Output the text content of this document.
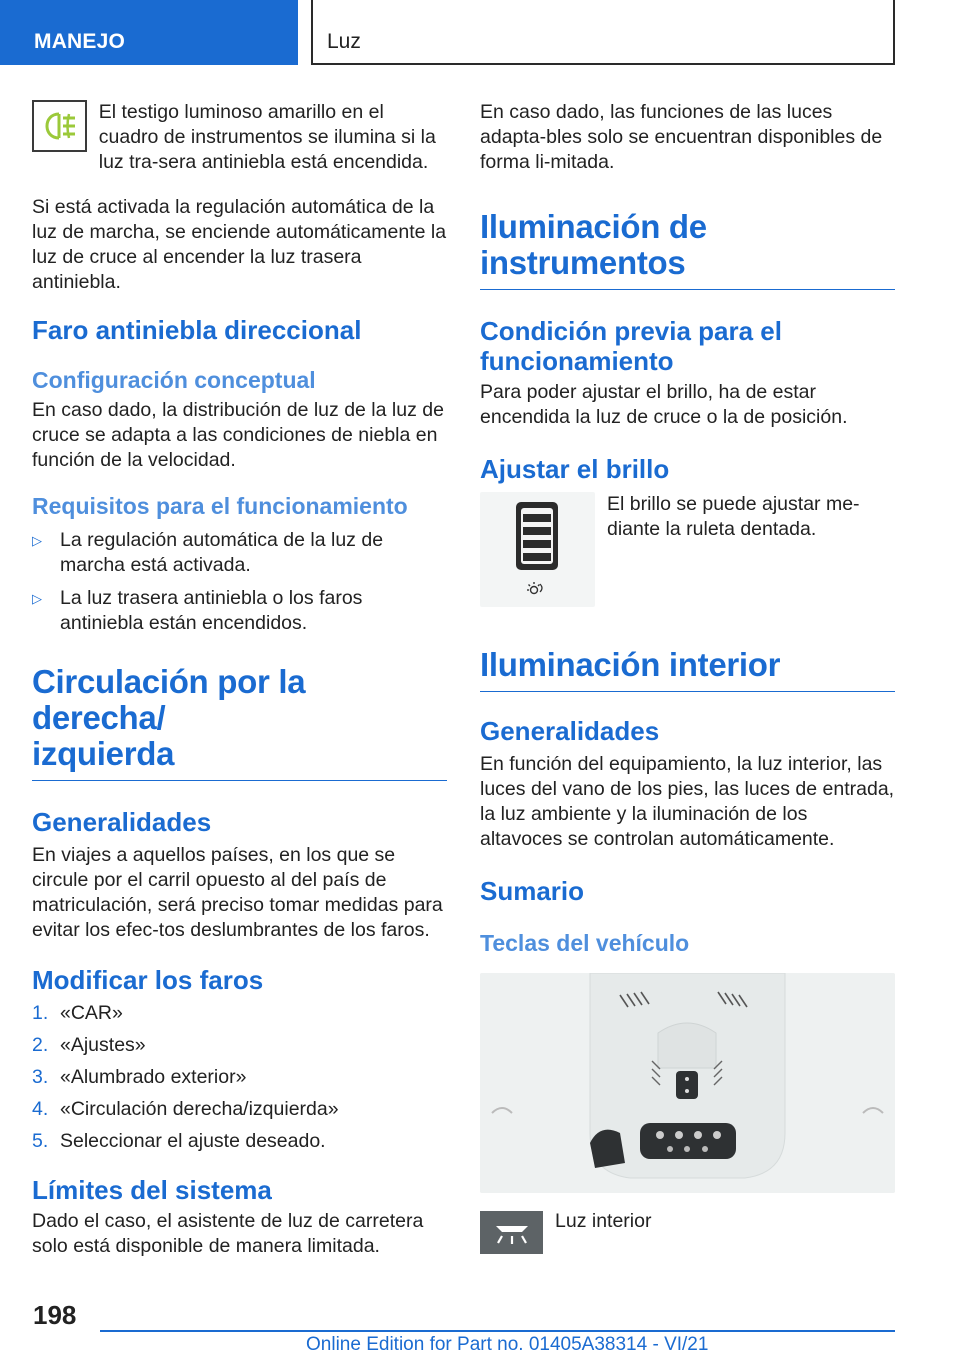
MANEJO	Luz

El testigo luminoso amarillo en el cuadro de instrumentos se ilumina si la luz tra-sera antiniebla está encendida.

Si está activada la regulación automática de la luz de marcha, se enciende automáticamente la luz de cruce al encender la luz trasera antiniebla.

Faro antiniebla direccional
Configuración conceptual

En caso dado, la distribución de luz de la luz de cruce se adapta a las condiciones de niebla en función de la velocidad.

Requisitos para el funcionamiento
▷ La regulación automática de la luz de marcha está activada.
▷ La luz trasera antiniebla o los faros antiniebla están encendidos.
Circulación por la derecha/
izquierda
Generalidades

En viajes a aquellos países, en los que se circule por el carril opuesto al del país de matriculación, será preciso tomar medidas para evitar los efec-tos deslumbrantes de los faros.

Modificar los faros
1. «CAR»
2. «Ajustes»
3. «Alumbrado exterior»
4. «Circulación derecha/izquierda»
5. Seleccionar el ajuste deseado.
Límites del sistema

Dado el caso, el asistente de luz de carretera solo está disponible de manera limitada.

En caso dado, las funciones de las luces adapta-bles solo se encuentran disponibles de forma li-mitada.

Iluminación de
instrumentos
Condición previa para el
funcionamiento

Para poder ajustar el brillo, ha de estar encendida la luz de cruce o la de posición.

Ajustar el brillo

El brillo se puede ajustar me-diante la ruleta dentada.

Iluminación interior
Generalidades

En función del equipamiento, la luz interior, las luces del vano de los pies, las luces de entrada, la luz ambiente y la iluminación de los altavoces se controlan automáticamente.

Sumario
Teclas del vehículo

Luz interior

198
Online Edition for Part no. 01405A38314 - VI/21
